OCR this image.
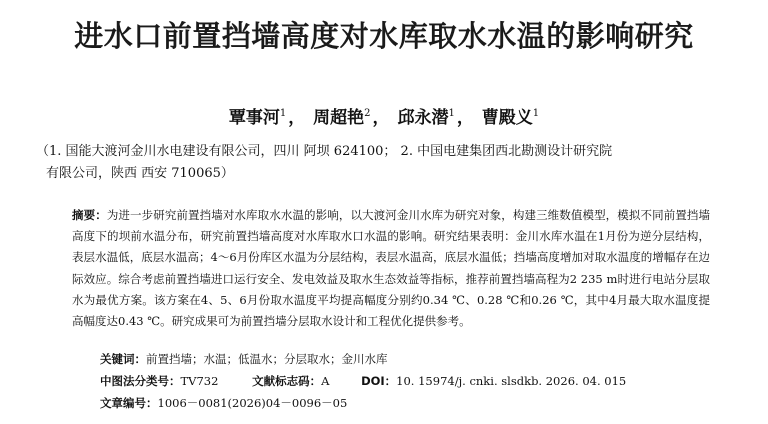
进水口前置挡墙高度对水库取水水温的影响研究
覃事河$^1$ ， 周超艳$^2$ ， 邱永潜$^1$ ， 曹殿义$^1$
（1. 国能大渡河金川水电建设有限公司，四川 阿坝 624100； 2. 中国电建集团西北勘测设计研究院
有限公司，陕西 西安 710065）
摘要：为进一步研究前置挡墙对水库取水水温的影响，以大渡河金川水库为研究对象，构建三维数值模型，模拟不同前置挡墙高度下的坝前水温分布，研究前置挡墙高度对水库取水口水温的影响。研究结果表明：金川水库水温在1月份为逆分层结构，表层水温低，底层水温高；4～6月份库区水温为分层结构，表层水温高，底层水温低；挡墙高度增加对取水温度的增幅存在边际效应。综合考虑前置挡墙进口运行安全、发电效益及取水生态效益等指标，推荐前置挡墙高程为2 235 m时进行电站分层取水为最优方案。该方案在4、5、6月份取水温度平均提高幅度分别约0.34 ℃、0.28 ℃和0.26 ℃，其中4月最大取水温度提高幅度达0.43 ℃。研究成果可为前置挡墙分层取水设计和工程优化提供参考。
关键词：前置挡墙；水温；低温水；分层取水；金川水库
中图法分类号：TV732	文献标志码：A	DOI：10. 15974/j. cnki. slsdkb. 2026. 04. 015
文章编号：1006－0081(2026)04－0096－05
